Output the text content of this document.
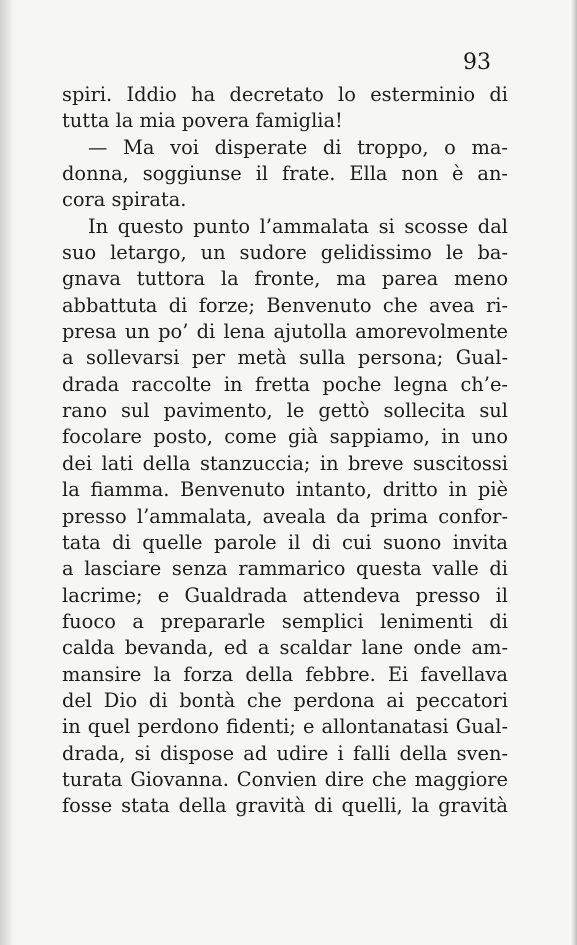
93
spiri. Iddio ha decretato lo esterminio di
tutta la mia povera famiglia!
— Ma voi disperate di troppo, o ma-
donna, soggiunse il frate. Ella non è an-
cora spirata.
In questo punto l’ammalata si scosse dal
suo letargo, un sudore gelidissimo le ba-
gnava tuttora la fronte, ma parea meno
abbattuta di forze; Benvenuto che avea ri-
presa un po’ di lena ajutolla amorevolmente
a sollevarsi per metà sulla persona; Gual-
drada raccolte in fretta poche legna ch’e-
rano sul pavimento, le gettò sollecita sul
focolare posto, come già sappiamo, in uno
dei lati della stanzuccia; in breve suscitossi
la fiamma. Benvenuto intanto, dritto in piè
presso l’ammalata, aveala da prima confor-
tata di quelle parole il di cui suono invita
a lasciare senza rammarico questa valle di
lacrime; e Gualdrada attendeva presso il
fuoco a prepararle semplici lenimenti di
calda bevanda, ed a scaldar lane onde am-
mansire la forza della febbre. Ei favellava
del Dio di bontà che perdona ai peccatori
in quel perdono fidenti; e allontanatasi Gual-
drada, si dispose ad udire i falli della sven-
turata Giovanna. Convien dire che maggiore
fosse stata della gravità di quelli, la gravità
